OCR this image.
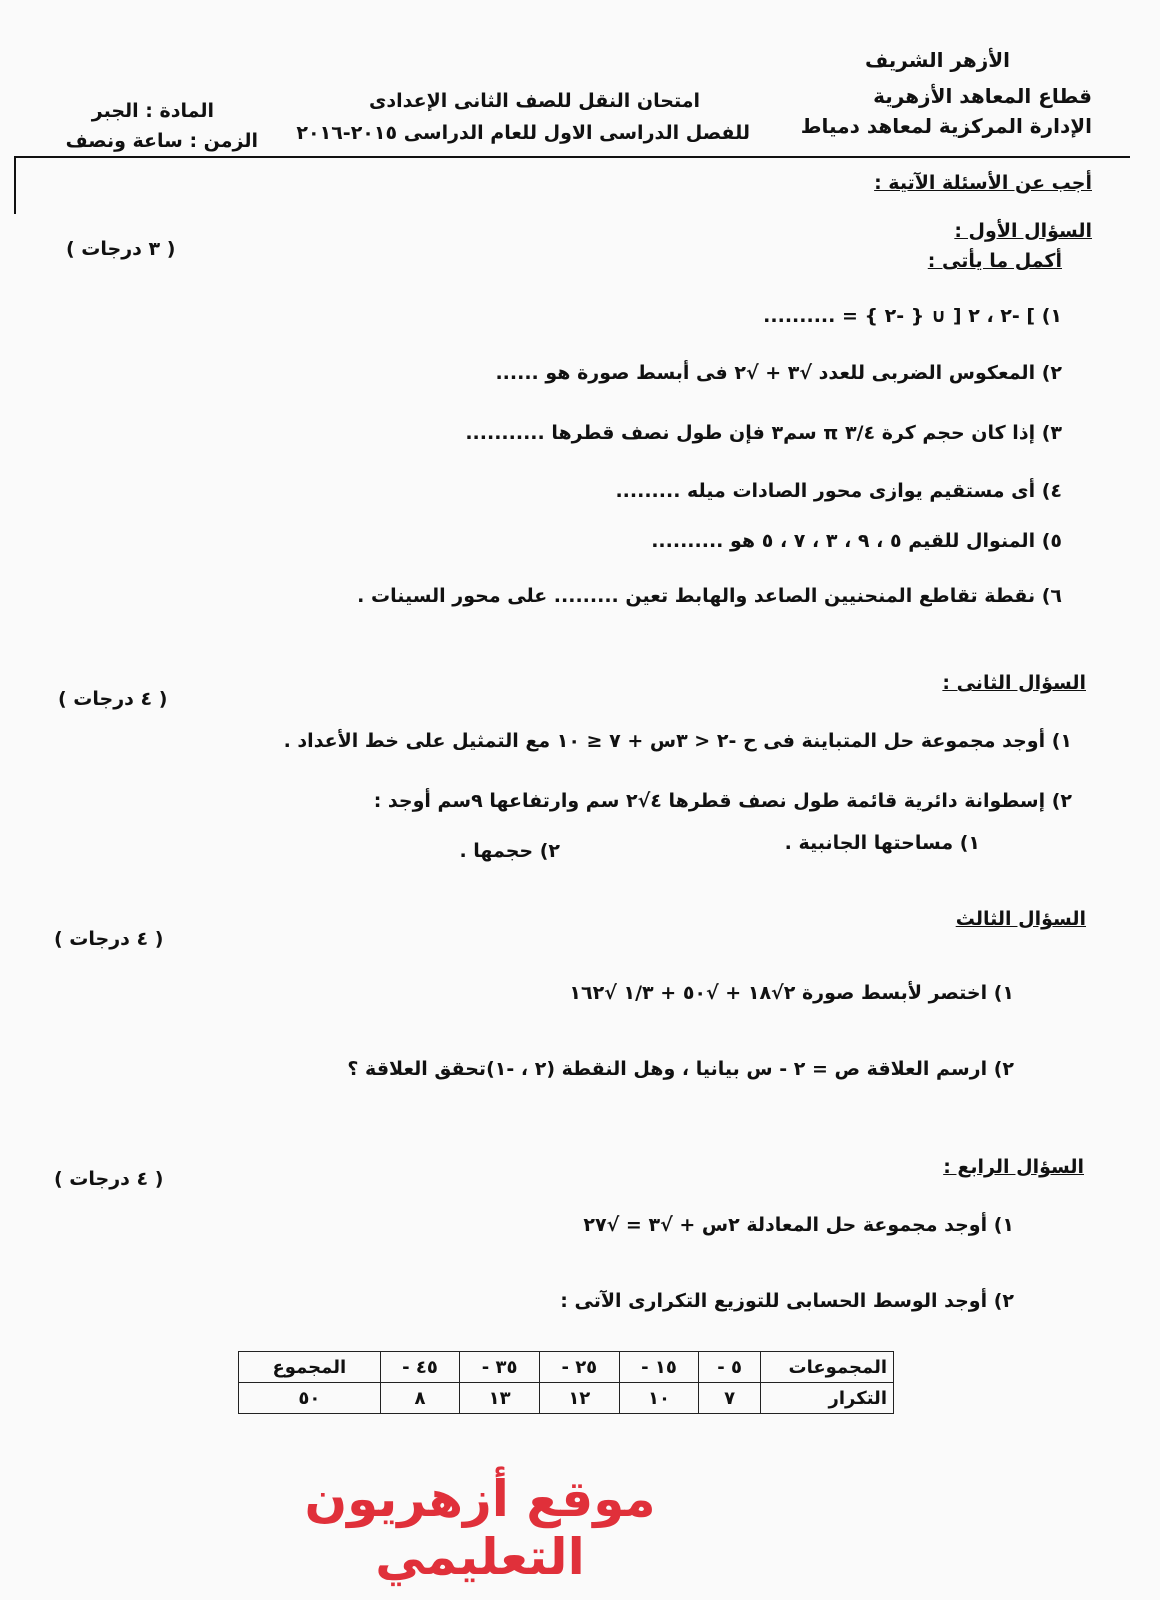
الأزهر الشريف
قطاع المعاهد الأزهرية
الإدارة المركزية لمعاهد دمياط
امتحان النقل للصف الثانى الإعدادى
للفصل الدراسى الاول للعام الدراسى ٢٠١٥-٢٠١٦
المادة : الجبر
الزمن : ساعة ونصف
أجب عن الأسئلة الآتية :
السؤال الأول :
أكمل ما يأتى :
( ٣ درجات )
١) ] -٢ ، ٢ [ ∪ { -٢ } = ..........
٢) المعكوس الضربى للعدد √٣ + √٢ فى أبسط صورة هو ......
٣) إذا كان حجم كرة ٣/٤ π سم٣ فإن طول نصف قطرها ...........
٤) أى مستقيم يوازى محور الصادات ميله .........
٥) المنوال للقيم ٥ ، ٩ ، ٣ ، ٧ ، ٥ هو ..........
٦) نقطة تقاطع المنحنيين الصاعد والهابط تعين ......... على محور السينات .
السؤال الثانى :
( ٤ درجات )
١) أوجد مجموعة حل المتباينة فى ح -٢ < ٣س + ٧ ≤ ١٠ مع التمثيل على خط الأعداد .
٢) إسطوانة دائرية قائمة طول نصف قطرها ٤√٢ سم وارتفاعها ٩سم أوجد :
١) مساحتها الجانبية .
٢) حجمها .
السؤال الثالث
( ٤ درجات )
١) اختصر لأبسط صورة ٢√١٨ + √٥٠ + ١/٣ √١٦٢
٢) ارسم العلاقة ص = ٢ - س بيانيا ، وهل النقطة (٢ ، -١)تحقق العلاقة ؟
السؤال الرابع :
( ٤ درجات )
١) أوجد مجموعة حل المعادلة ٢س + √٣ = √٢٧
٢) أوجد الوسط الحسابى للتوزيع التكرارى الآتى :
المجموعات	٥ -	١٥ -	٢٥ -	٣٥ -	٤٥ -	المجموع
التكرار	٧	١٠	١٢	١٣	٨	٥٠
موقع أزهريون التعليمي
